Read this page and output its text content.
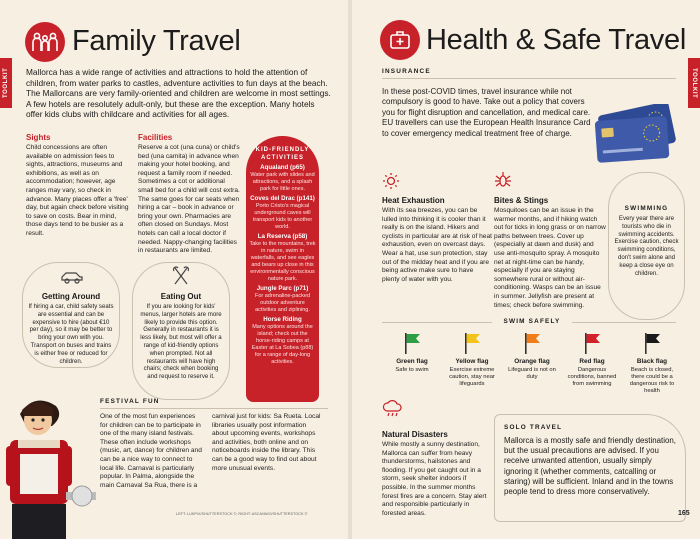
TOOLKIT
Family Travel
Mallorca has a wide range of activities and attractions to hold the attention of children, from water parks to castles, adventure activities to fun days at the beach. The Mallorcans are very family-oriented and children are welcome in most settings. A few hotels are resolutely adult-only, but these are the exception. Many hotels offer kids clubs with childcare and activities for all ages.
Sights
Child concessions are often available on admission fees to sights, attractions, museums and exhibitions, as well as on accommodation; however, age ranges may vary, so check in advance. Many places offer a 'free' day, but again check before visiting to save on costs. Bear in mind, those days tend to be busier as a result.
Facilities
Reserve a cot (una cuna) or child's bed (una camita) in advance when making your hotel booking, and request a family room if needed. Sometimes a cot or additional small bed for a child will cost extra. The same goes for car seats when hiring a car – book in advance or bring your own. Pharmacies are often closed on Sundays. Most hotels can call a local doctor if needed. Nappy-changing facilities in restaurants are limited.
KID-FRIENDLY ACTIVITIES
Aqualand (p65)
Water park with slides and attractions, and a splash park for little ones.
Coves del Drac (p141)
Porto Cristo's magical underground caves will transport kids to another world.
La Reserva (p58)
Take to the mountains, trek in nature, swim in waterfalls, and see eagles and bears up close in this environmentally conscious nature park.
Jungle Parc (p71)
For adrenaline-packed outdoor adventure activities and ziplining.
Horse Riding
Many options around the island; check out the horse-riding camps at Easter at La Sobea (p88) for a range of day-long activities.
Getting Around
If hiring a car, child safety seats are essential and can be expensive to hire (about €10 per day), so it may be better to bring your own with you. Transport on buses and trains is either free or reduced for children.
Eating Out
If you are looking for kids' menus, larger hotels are more likely to provide this option. Generally in restaurants it is less likely, but most will offer a range of kid-friendly options when prompted. Not all restaurants will have high chairs; check when booking and request to reserve it.
FESTIVAL FUN
One of the most fun experiences for children can be to participate in one of the many island festivals. These often include workshops (music, art, dance) for children and can be a nice way to connect to local life. Carnaval is particularly popular. In Palma, alongside the main Carnaval Sa Rua, there is a
carnival just for kids: Sa Rueta. Local libraries usually post information about upcoming events, workshops and activities, both online and on noticeboards inside the library. This can be a good way to find out about more unusual events.
LEFT: LUKPIX/SHUTTERSTOCK ©; RIGHT: ASCANNIO/SHUTTERSTOCK ©
TOOLKIT
Health & Safe Travel
INSURANCE
In these post-COVID times, travel insurance while not compulsory is good to have. Take out a policy that covers you for flight disruption and cancellation, and medical care. EU travellers can use the European Health Insurance Card to cover emergency medical treatment free of charge.
Heat Exhaustion
With its sea breezes, you can be lulled into thinking it is cooler than it really is on the island. Hikers and cyclists in particular are at risk of heat exhaustion, even on overcast days. Wear a hat, use sun protection, stay out of the midday heat and if you are being active make sure to have plenty of water with you.
Bites & Stings
Mosquitoes can be an issue in the warmer months, and if hiking watch out for ticks in long grass or on narrow paths between trees. Cover up (especially at dawn and dusk) and use anti-mosquito spray. A mosquito net at night-time can be handy, especially if you are staying somewhere rural or without air-conditioning. Wasps can be an issue in summer. Jellyfish are present at times; check before swimming.
SWIMMING
Every year there are tourists who die in swimming accidents. Exercise caution, check swimming conditions, don't swim alone and keep a close eye on children.
SWIM SAFELY
Natural Disasters
While mostly a sunny destination, Mallorca can suffer from heavy thunderstorms, hailstones and flooding. If you get caught out in a storm, seek shelter indoors if possible. In the summer months forest fires are a concern. Stay alert and responsible particularly in forested areas.
SOLO TRAVEL
Mallorca is a mostly safe and friendly destination, but the usual precautions are advised. If you receive unwanted attention, usually simply ignoring it (whether comments, catcalling or staring) will be sufficient. Inland and in the towns people tend to dress more conservatively.
165
Green flag
Safe to swim
Yellow flag
Exercise extreme caution, stay near lifeguards
Orange flag
Lifeguard is not on duty
Red flag
Dangerous conditions, banned from swimming
Black flag
Beach is closed, there could be a dangerous risk to health
